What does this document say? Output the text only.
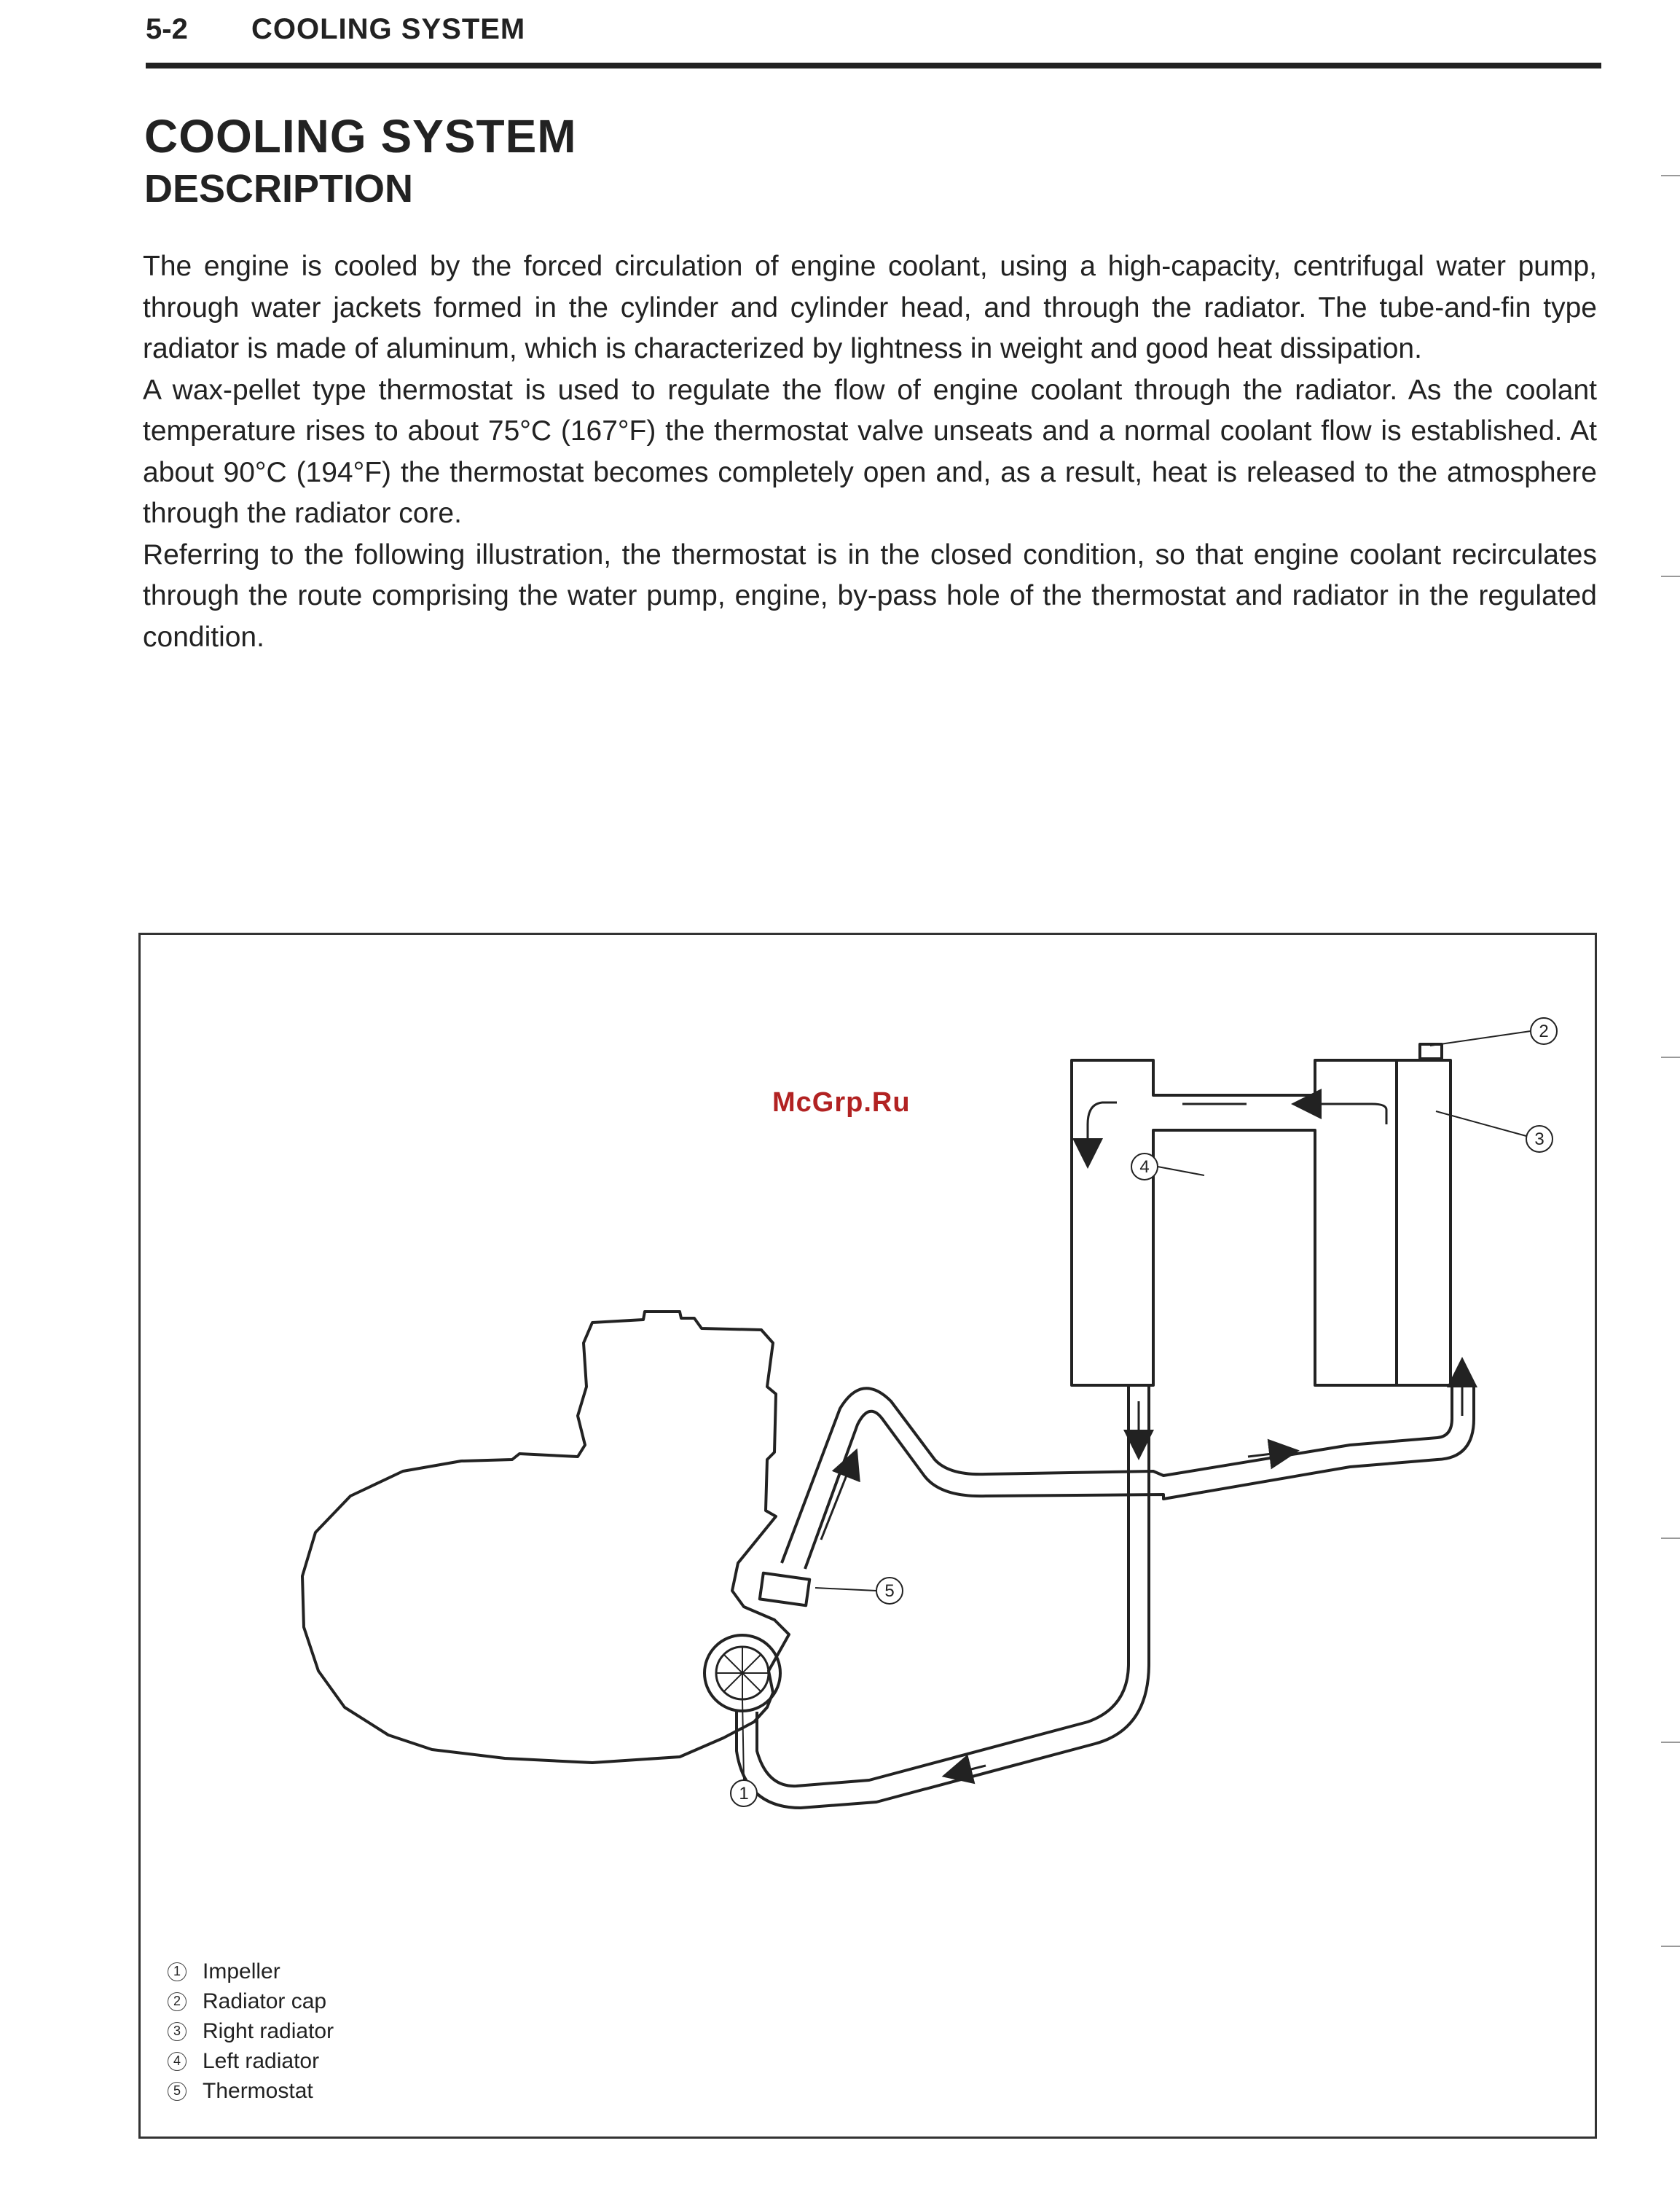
5-2 COOLING SYSTEM
COOLING SYSTEM
DESCRIPTION

The engine is cooled by the forced circulation of engine coolant, using a high-capacity, centrifugal water pump, through water jackets formed in the cylinder and cylinder head, and through the radiator. The tube-and-fin type radiator is made of aluminum, which is characterized by lightness in weight and good heat dissipation.

A wax-pellet type thermostat is used to regulate the flow of engine coolant through the radiator. As the coolant temperature rises to about 75°C (167°F) the thermostat valve unseats and a normal coolant flow is established. At about 90°C (194°F) the thermostat becomes completely open and, as a result, heat is released to the atmosphere through the radiator core.

Referring to the following illustration, the thermostat is in the closed condition, so that engine coolant recirculates through the route comprising the water pump, engine, by-pass hole of the thermostat and radiator in the regulated condition.

4
2
3
5
1
McGrp.Ru
1 Impeller
2 Radiator cap
3 Right radiator
4 Left radiator
5 Thermostat
